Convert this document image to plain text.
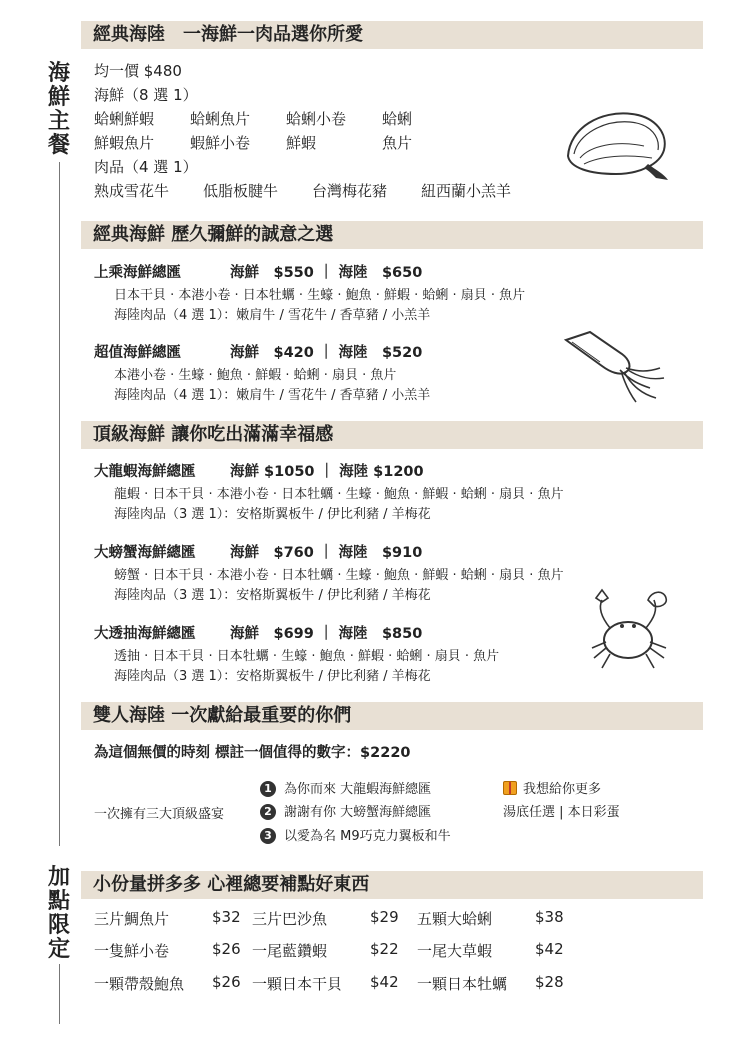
海鮮主餐
加點限定
經典海陸　一海鮮一肉品選你所愛
均一價 $480
海鮮（8 選 1）
蛤蜊鮮蝦 蛤蜊魚片 蛤蜊小卷 蛤蜊
鮮蝦魚片 蝦鮮小卷 鮮蝦	魚片
肉品（4 選 1）
熟成雪花牛 低脂板腱牛 台灣梅花豬 紐西蘭小羔羊
經典海鮮 歷久彌鮮的誠意之選
上乘海鮮總匯	海鮮　$550 ｜ 海陸　$650
日本干貝 · 本港小卷 · 日本牡蠣 · 生蠔 · 鮑魚 · 鮮蝦 · 蛤蜊 · 扇貝 · 魚片
海陸肉品（4 選 1）：嫩肩牛 / 雪花牛 / 香草豬 / 小羔羊
超值海鮮總匯	海鮮　$420 ｜ 海陸　$520
本港小卷 · 生蠔 · 鮑魚 · 鮮蝦 · 蛤蜊 · 扇貝 · 魚片
海陸肉品（4 選 1）：嫩肩牛 / 雪花牛 / 香草豬 / 小羔羊
頂級海鮮 讓你吃出滿滿幸福感
大龍蝦海鮮總匯 海鮮 $1050 ｜ 海陸 $1200
龍蝦 · 日本干貝 · 本港小卷 · 日本牡蠣 · 生蠔 · 鮑魚 · 鮮蝦 · 蛤蜊 · 扇貝 · 魚片
海陸肉品（3 選 1）：安格斯翼板牛 / 伊比利豬 / 羊梅花
大螃蟹海鮮總匯 海鮮　$760 ｜ 海陸　$910
螃蟹 · 日本干貝 · 本港小卷 · 日本牡蠣 · 生蠔 · 鮑魚 · 鮮蝦 · 蛤蜊 · 扇貝 · 魚片
海陸肉品（3 選 1）：安格斯翼板牛 / 伊比利豬 / 羊梅花
大透抽海鮮總匯 海鮮　$699 ｜ 海陸　$850
透抽 · 日本干貝 · 日本牡蠣 · 生蠔 · 鮑魚 · 鮮蝦 · 蛤蜊 · 扇貝 · 魚片
海陸肉品（3 選 1）：安格斯翼板牛 / 伊比利豬 / 羊梅花
雙人海陸 一次獻給最重要的你們
為這個無價的時刻 標註一個值得的數字：$2220
一次擁有三大頂級盛宴
1 為你而來 大龍蝦海鮮總匯
2 謝謝有你 大螃蟹海鮮總匯
3 以愛為名 M9巧克力翼板和牛
我想給你更多
湯底任選 | 本日彩蛋
小份量拼多多 心裡總要補點好東西
三片鯛魚片	$32 三片巴沙魚	$29 五顆大蛤蜊	$38
一隻鮮小卷	$26 一尾藍鑽蝦	$22 一尾大草蝦	$42
一顆帶殼鮑魚 $26 一顆日本干貝 $42 一顆日本牡蠣 $28
